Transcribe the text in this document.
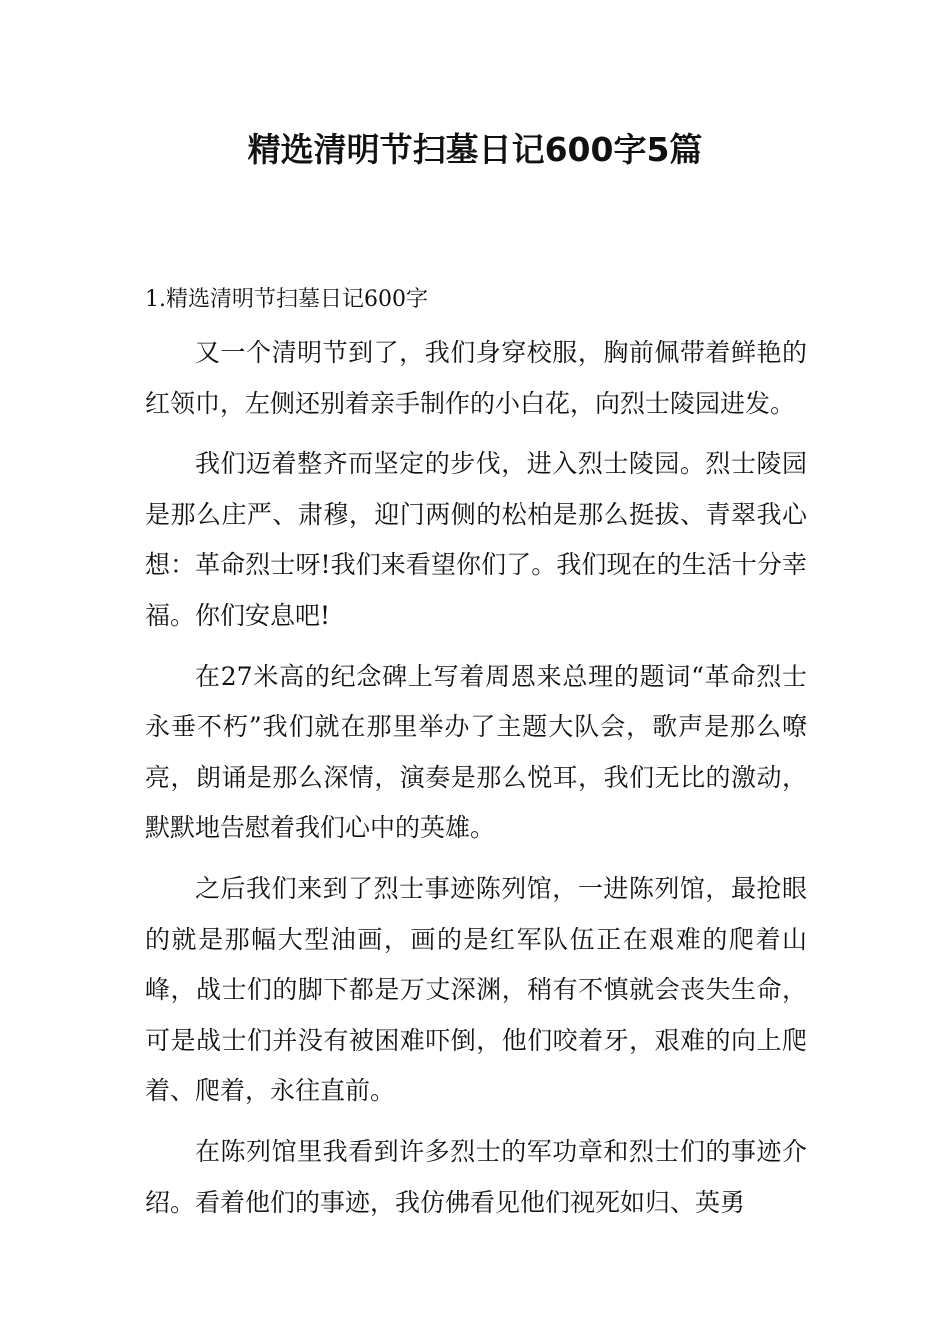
精选清明节扫墓日记600字5篇
1.精选清明节扫墓日记600字

又一个清明节到了，我们身穿校服，胸前佩带着鲜艳的红领巾，左侧还别着亲手制作的小白花，向烈士陵园进发。

我们迈着整齐而坚定的步伐，进入烈士陵园。烈士陵园是那么庄严、肃穆，迎门两侧的松柏是那么挺拔、青翠我心想：革命烈士呀!我们来看望你们了。我们现在的生活十分幸福。你们安息吧!

在27米高的纪念碑上写着周恩来总理的题词“革命烈士永垂不朽”我们就在那里举办了主题大队会，歌声是那么嘹亮，朗诵是那么深情，演奏是那么悦耳，我们无比的激动，默默地告慰着我们心中的英雄。

之后我们来到了烈士事迹陈列馆，一进陈列馆，最抢眼的就是那幅大型油画，画的是红军队伍正在艰难的爬着山峰，战士们的脚下都是万丈深渊，稍有不慎就会丧失生命，可是战士们并没有被困难吓倒，他们咬着牙，艰难的向上爬着、爬着，永往直前。

在陈列馆里我看到许多烈士的军功章和烈士们的事迹介绍。看着他们的事迹，我仿佛看见他们视死如归、英勇
